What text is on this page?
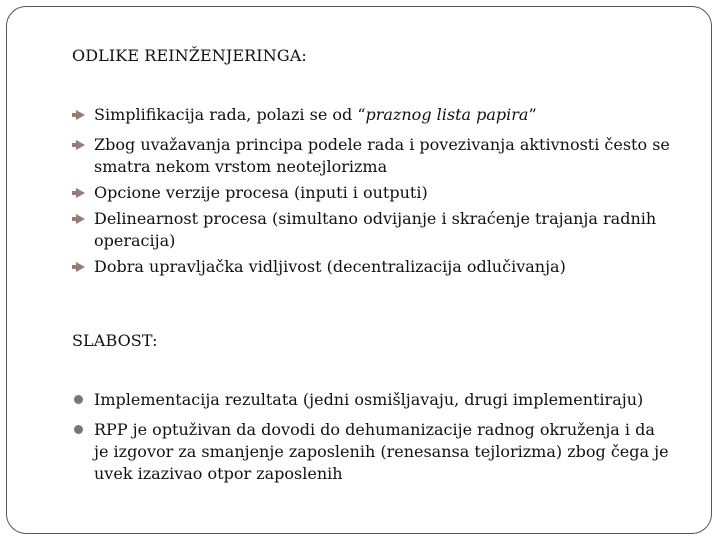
ODLIKE REINŽENJERINGA:
Simplifikacija rada, polazi se od “praznog lista papira”
Zbog uvažavanja principa podele rada i povezivanja aktivnosti često se smatra nekom vrstom neotejlorizma
Opcione verzije procesa (inputi i outputi)
Delinearnost procesa (simultano odvijanje i skraćenje trajanja radnih operacija)
Dobra upravljačka vidljivost (decentralizacija odlučivanja)
SLABOST:
Implementacija rezultata (jedni osmišljavaju, drugi implementiraju)
RPP je optuživan da dovodi do dehumanizacije radnog okruženja i da je izgovor za smanjenje zaposlenih (renesansa tejlorizma) zbog čega je uvek izazivao otpor zaposlenih
